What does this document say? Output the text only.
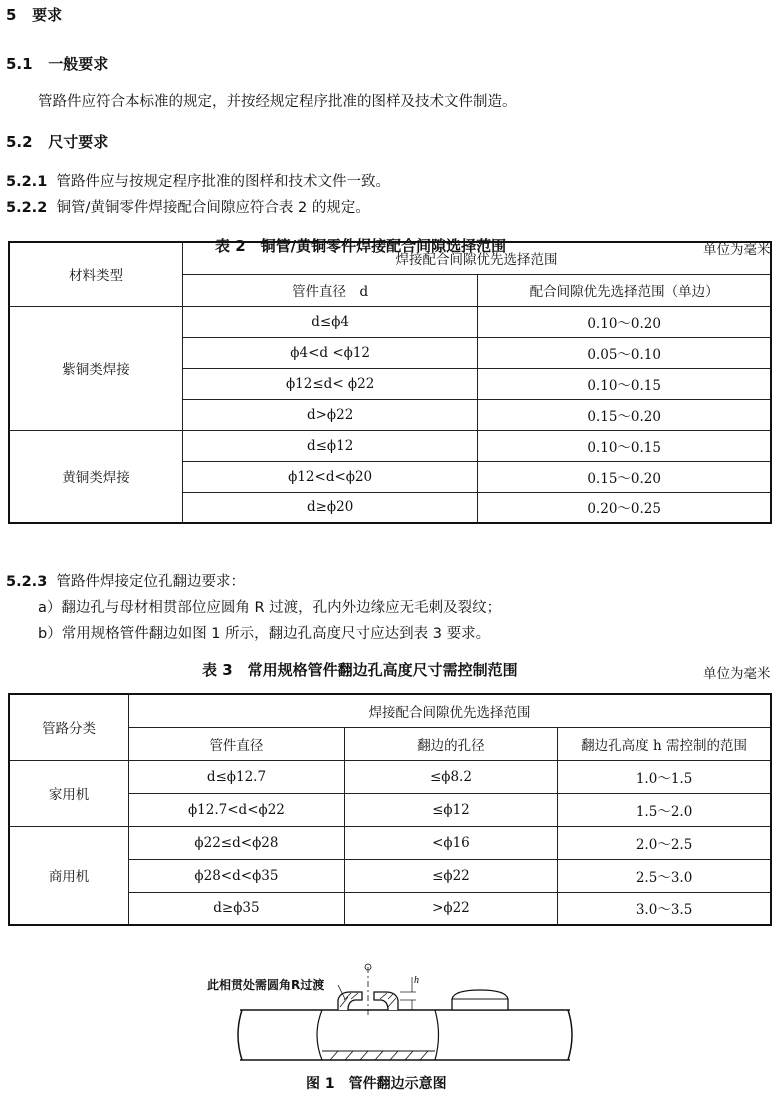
5 要求
5.1 一般要求
管路件应符合本标准的规定，并按经规定程序批准的图样及技术文件制造。
5.2 尺寸要求
5.2.1 管路件应与按规定程序批准的图样和技术文件一致。
5.2.2 铜管/黄铜零件焊接配合间隙应符合表 2 的规定。
表 2　铜管/黄铜零件焊接配合间隙选择范围	单位为毫米
材料类型	焊接配合间隙优先选择范围	
	管件直径　d	配合间隙优先选择范围（单边）
紫铜类焊接	d≤ϕ4	0.10～0.20
	ϕ4<d <ϕ12	0.05～0.10
	ϕ12≤d< ϕ22	0.10～0.15
	d>ϕ22	0.15～0.20
黄铜类焊接	d≤ϕ12	0.10～0.15
	ϕ12<d<ϕ20	0.15～0.20
	d≥ϕ20	0.20～0.25
5.2.3 管路件焊接定位孔翻边要求：
a）翻边孔与母材相贯部位应圆角 R 过渡，孔内外边缘应无毛刺及裂纹；
b）常用规格管件翻边如图 1 所示，翻边孔高度尺寸应达到表 3 要求。
表 3　常用规格管件翻边孔高度尺寸需控制范围	单位为毫米
管路分类	焊接配合间隙优先选择范围		
	管件直径	翻边的孔径	翻边孔高度 h 需控制的范围
家用机	d≤ϕ12.7	≤ϕ8.2	1.0～1.5
	ϕ12.7<d<ϕ22	≤ϕ12	1.5～2.0
商用机	ϕ22≤d<ϕ28	<ϕ16	2.0～2.5
	ϕ28<d<ϕ35	≤ϕ22	2.5～3.0
	d≥ϕ35	>ϕ22	3.0～3.5
此相贯处需圆角R过渡	h
图 1　管件翻边示意图
